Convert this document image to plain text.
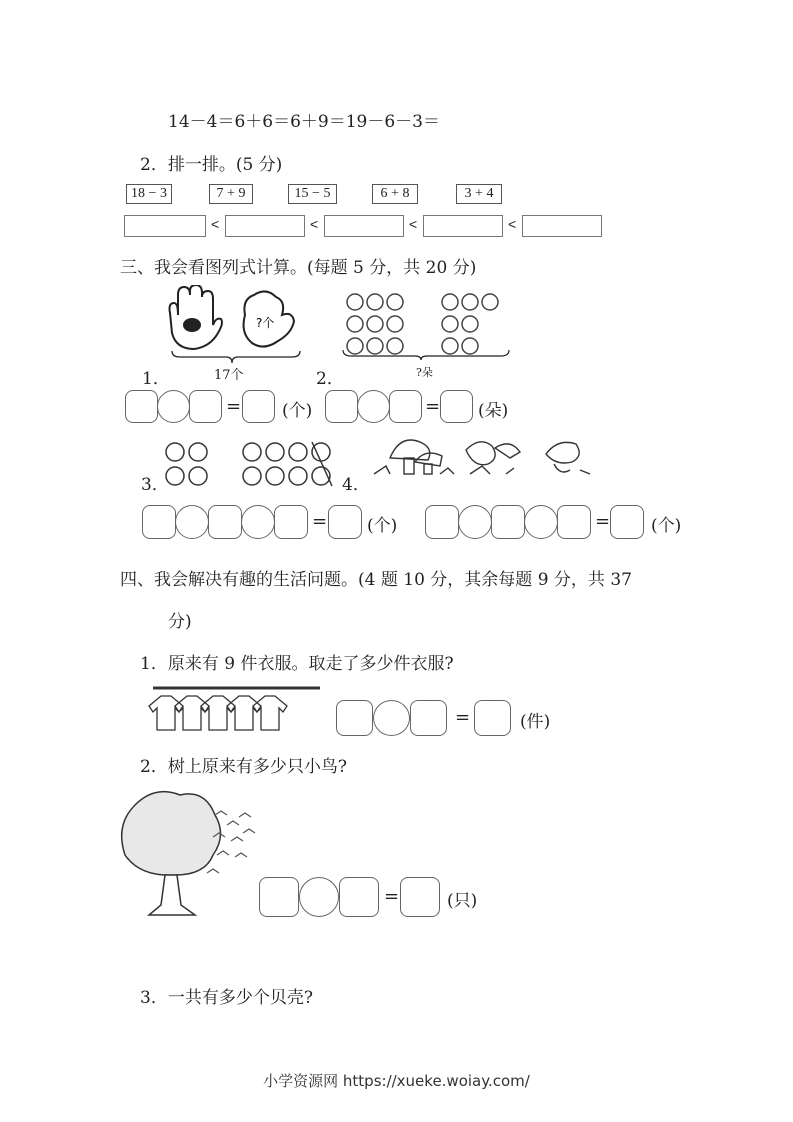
14－4＝6＋6＝6＋9＝19－6－3＝
2．排一排。(5 分)
18 − 3	7 + 9	15 − 5	6 + 8	3 + 4
<	<	<	<
三、我会看图列式计算。(每题 5 分，共 20 分)
?个
17个	?朵
1．	2．
= (个)	= (朵)
3．	4．
= (个)	= (个)
四、我会解决有趣的生活问题。(4 题 10 分，其余每题 9 分，共 37
分)
1．原来有 9 件衣服。取走了多少件衣服?
=	(件)
2．树上原来有多少只小鸟?
=	(只)
3．一共有多少个贝壳?
小学资源网 https://xueke.woiay.com/
